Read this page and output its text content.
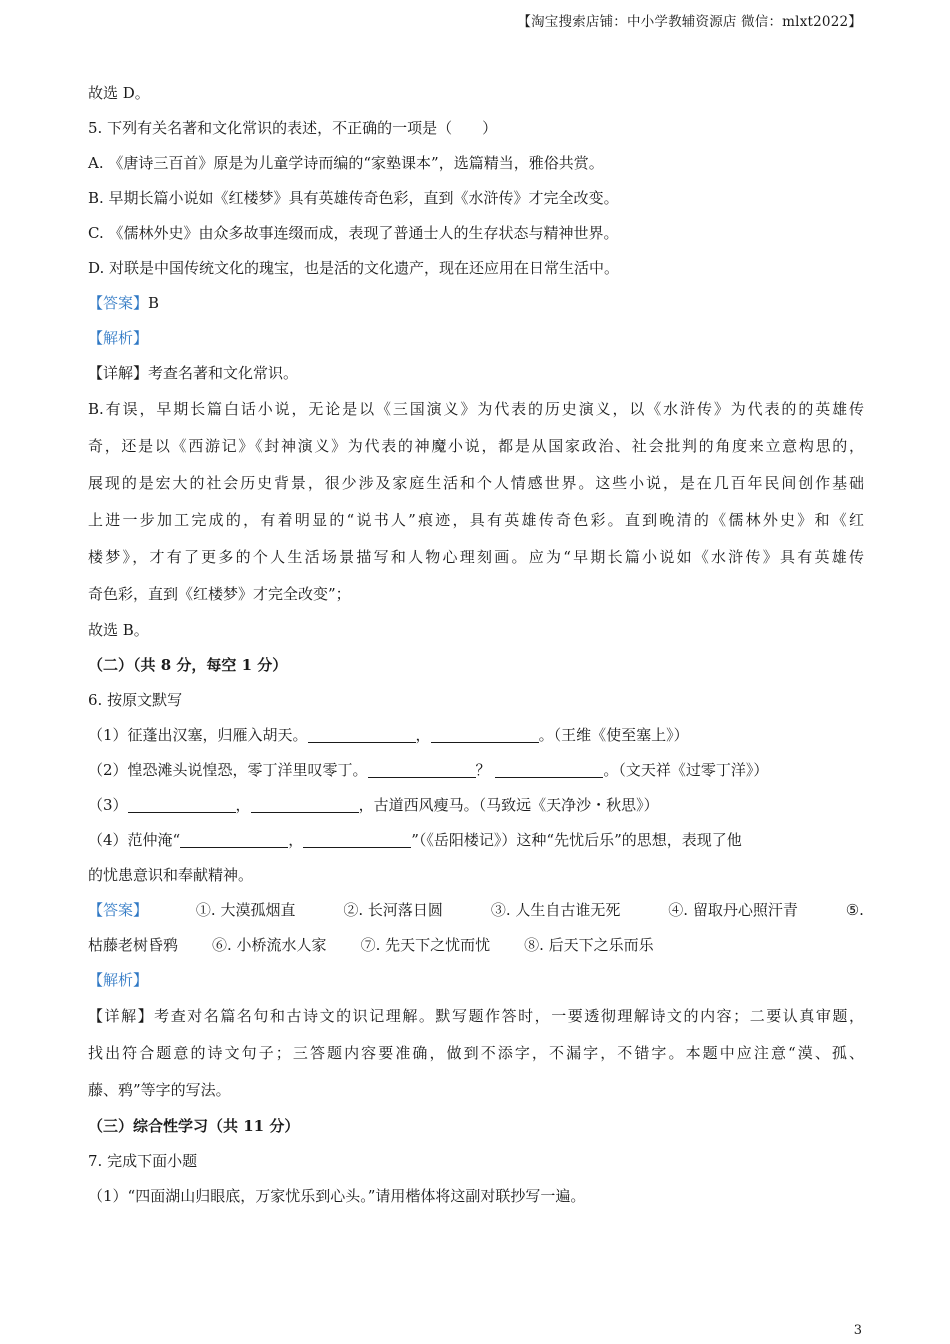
【淘宝搜索店铺：中小学教辅资源店 微信：mlxt2022】
故选 D。
5. 下列有关名著和文化常识的表述，不正确的一项是（　　）
A. 《唐诗三百首》原是为儿童学诗而编的“家塾课本”，选篇精当，雅俗共赏。
B. 早期长篇小说如《红楼梦》具有英雄传奇色彩，直到《水浒传》才完全改变。
C. 《儒林外史》由众多故事连缀而成，表现了普通士人的生存状态与精神世界。
D. 对联是中国传统文化的瑰宝，也是活的文化遗产，现在还应用在日常生活中。
【答案】B
【解析】
【详解】考查名著和文化常识。
B.有误，早期长篇白话小说，无论是以《三国演义》为代表的历史演义，以《水浒传》为代表的的英雄传
奇，还是以《西游记》《封神演义》为代表的神魔小说，都是从国家政治、社会批判的角度来立意构思的，
展现的是宏大的社会历史背景，很少涉及家庭生活和个人情感世界。这些小说，是在几百年民间创作基础
上进一步加工完成的，有着明显的“说书人”痕迹，具有英雄传奇色彩。直到晚清的《儒林外史》和《红
楼梦》，才有了更多的个人生活场景描写和人物心理刻画。应为“早期长篇小说如《水浒传》具有英雄传
奇色彩，直到《红楼梦》才完全改变”；
故选 B。
（二）（共 8 分，每空 1 分）
6. 按原文默写
（1）征蓬出汉塞，归雁入胡天。	，	。（王维《使至塞上》）
（2）惶恐滩头说惶恐，零丁洋里叹零丁。	？	。（文天祥《过零丁洋》）
（3）	，	，古道西风瘦马。（马致远《天净沙・秋思》）
（4）范仲淹“	，	”（《岳阳楼记》）这种“先忧后乐”的思想，表现了他
的忧患意识和奉献精神。
【答案】	①. 大漠孤烟直	②. 长河落日圆	③. 人生自古谁无死	④. 留取丹心照汗青	⑤.
枯藤老树昏鸦 ⑥. 小桥流水人家 ⑦. 先天下之忧而忧 ⑧. 后天下之乐而乐
【解析】
【详解】考查对名篇名句和古诗文的识记理解。默写题作答时，一要透彻理解诗文的内容；二要认真审题，
找出符合题意的诗文句子；三答题内容要准确，做到不添字，不漏字，不错字。本题中应注意“漠、孤、
藤、鸦”等字的写法。
（三）综合性学习（共 11 分）
7. 完成下面小题
（1）“四面湖山归眼底，万家忧乐到心头。”请用楷体将这副对联抄写一遍。
3
